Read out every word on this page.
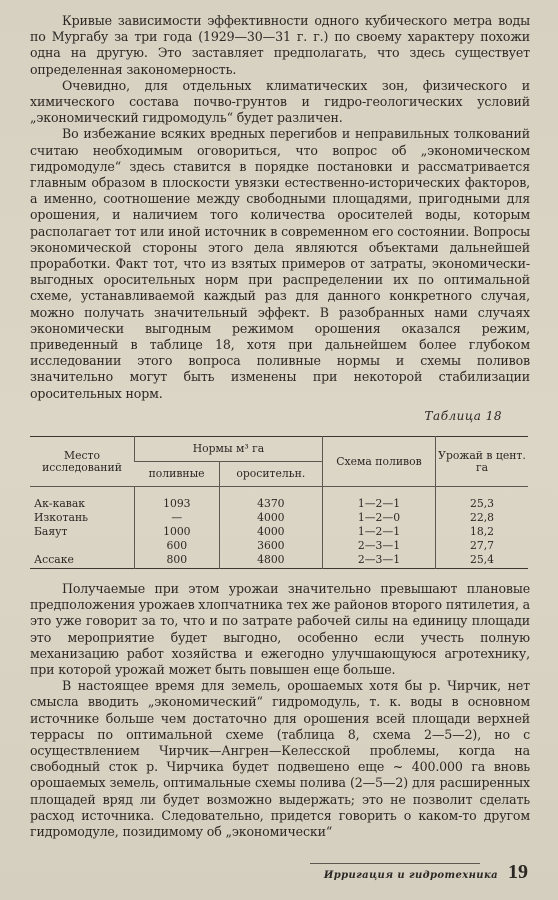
Кривые зависимости эффективности одного кубического метра воды по Мургабу за три года (1929—30—31 г. г.) по своему характеру похожи одна на другую. Это заставляет предполагать, что здесь существует определенная закономерность.

Очевидно, для отдельных климатических зон, физического и химического состава почво-грунтов и гидро-геологических условий „экономический гидромодуль“ будет различен.

Во избежание всяких вредных перегибов и неправильных толкований считаю необходимым оговориться, что вопрос об „экономическом гидромодуле“ здесь ставится в порядке постановки и рассматривается главным образом в плоскости увязки естественно-исторических факторов, а именно, соотношение между свободными площадями, пригодными для орошения, и наличием того количества оросителей воды, которым располагает тот или иной источник в современном его состоянии. Вопросы экономической стороны этого дела являются объектами дальнейшей проработки. Факт тот, что из взятых примеров от затраты, экономически-выгодных оросительных норм при распределении их по оптимальной схеме, устанавливаемой каждый раз для данного конкретного случая, можно получать значительный эффект. В разобранных нами случаях экономически выгодным режимом орошения оказался режим, приведенный в таблице 18, хотя при дальнейшем более глубоком исследовании этого вопроса поливные нормы и схемы поливов значительно могут быть изменены при некоторой стабилизации оросительных норм.

Таблица 18
Место исследований	Нормы м³ га		Схема поливов	Урожай в цент. га
	поливные	оросительн.		
Ак-кавак	1093	4370	1—2—1	25,3
Изкотань	—	4000	1—2—0	22,8
Баяут	1000	4000	1—2—1	18,2
	600	3600	2—3—1	27,7
Ассаке	800	4800	2—3—1	25,4

Получаемые при этом урожаи значительно превышают плановые предположения урожаев хлопчатника тех же районов второго пятилетия, а это уже говорит за то, что и по затрате рабочей силы на единицу площади это мероприятие будет выгодно, особенно если учесть полную механизацию работ хозяйства и ежегодно улучшающуюся агротехнику, при которой урожай может быть повышен еще больше.

В настоящее время для земель, орошаемых хотя бы р. Чирчик, нет смысла вводить „экономический“ гидромодуль, т. к. воды в основном источнике больше чем достаточно для орошения всей площади верхней террасы по оптимальной схеме (таблица 8, схема 2—5—2), но с осуществлением Чирчик—Ангрен—Келесской проблемы, когда на свободный сток р. Чирчика будет подвешено еще ~ 400.000 га вновь орошаемых земель, оптимальные схемы полива (2—5—2) для расширенных площадей вряд ли будет возможно выдержать; это не позволит сделать расход источника. Следовательно, придется говорить о каком-то другом гидромодуле, позидимому об „экономически“

Ирригация и гидротехника 19
